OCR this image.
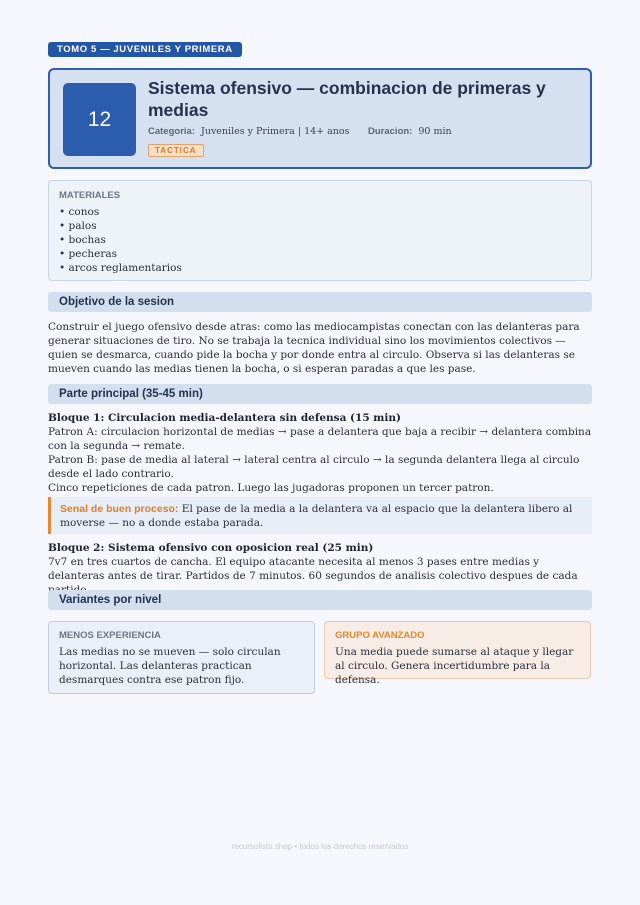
TOMO 5 — JUVENILES Y PRIMERA
12
Sistema ofensivo — combinacion de primeras y medias
Categoria: Juveniles y Primera | 14+ anos Duracion: 90 min
TACTICA
MATERIALES
• conos
• palos
• bochas
• pecheras
• arcos reglamentarios
Objetivo de la sesion
Construir el juego ofensivo desde atras: como las mediocampistas conectan con las delanteras para generar situaciones de tiro. No se trabaja la tecnica individual sino los movimientos colectivos — quien se desmarca, cuando pide la bocha y por donde entra al circulo. Observa si las delanteras se mueven cuando las medias tienen la bocha, o si esperan paradas a que les pase.
Parte principal (35-45 min)
Bloque 1: Circulacion media-delantera sin defensa (15 min)
Patron A: circulacion horizontal de medias → pase a delantera que baja a recibir → delantera combina con la segunda → remate.
Patron B: pase de media al lateral → lateral centra al circulo → la segunda delantera llega al circulo desde el lado contrario.
Cinco repeticiones de cada patron. Luego las jugadoras proponen un tercer patron.
Senal de buen proceso: El pase de la media a la delantera va al espacio que la delantera libero al moverse — no a donde estaba parada.
Bloque 2: Sistema ofensivo con oposicion real (25 min)
7v7 en tres cuartos de cancha. El equipo atacante necesita al menos 3 pases entre medias y delanteras antes de tirar. Partidos de 7 minutos. 60 segundos de analisis colectivo despues de cada
Variantes por nivel
MENOS EXPERIENCIA
Las medias no se mueven — solo circulan horizontal. Las delanteras practican desmarques contra ese patron fijo.
GRUPO AVANZADO
Una media puede sumarse al ataque y llegar al circulo. Genera incertidumbre para la defensa.
recursolisto.shop • todos los derechos reservados
